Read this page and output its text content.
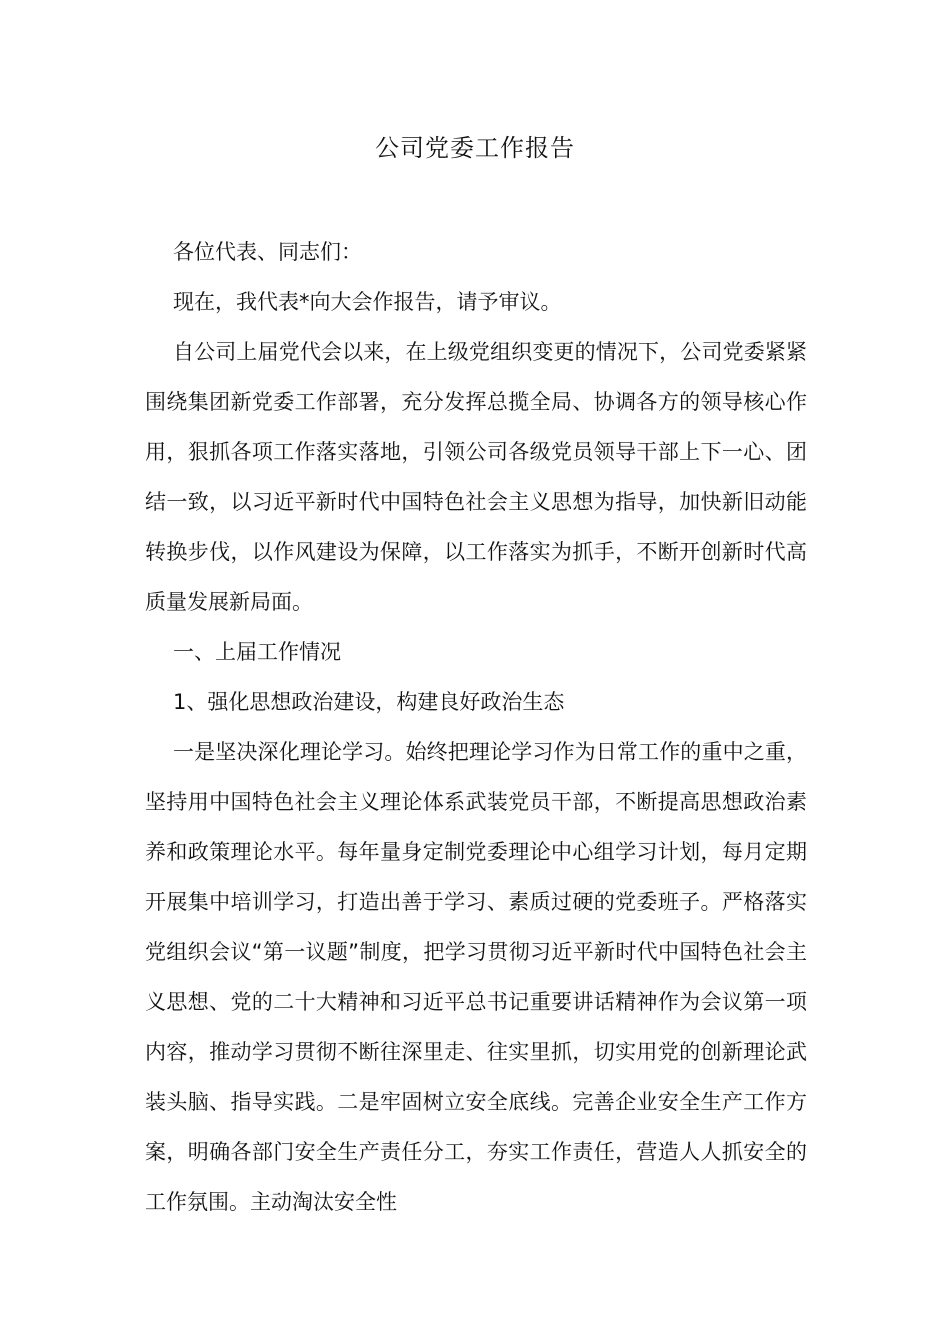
公司党委工作报告

各位代表、同志们：

现在，我代表*向大会作报告，请予审议。

自公司上届党代会以来，在上级党组织变更的情况下，公司党委紧紧围绕集团新党委工作部署，充分发挥总揽全局、协调各方的领导核心作用，狠抓各项工作落实落地，引领公司各级党员领导干部上下一心、团结一致，以习近平新时代中国特色社会主义思想为指导，加快新旧动能转换步伐，以作风建设为保障，以工作落实为抓手，不断开创新时代高质量发展新局面。

一、上届工作情况

1、强化思想政治建设，构建良好政治生态

一是坚决深化理论学习。始终把理论学习作为日常工作的重中之重，坚持用中国特色社会主义理论体系武装党员干部，不断提高思想政治素养和政策理论水平。每年量身定制党委理论中心组学习计划，每月定期开展集中培训学习，打造出善于学习、素质过硬的党委班子。严格落实党组织会议“第一议题”制度，把学习贯彻习近平新时代中国特色社会主义思想、党的二十大精神和习近平总书记重要讲话精神作为会议第一项内容，推动学习贯彻不断往深里走、往实里抓，切实用党的创新理论武装头脑、指导实践。二是牢固树立安全底线。完善企业安全生产工作方案，明确各部门安全生产责任分工，夯实工作责任，营造人人抓安全的工作氛围。主动淘汰安全性
